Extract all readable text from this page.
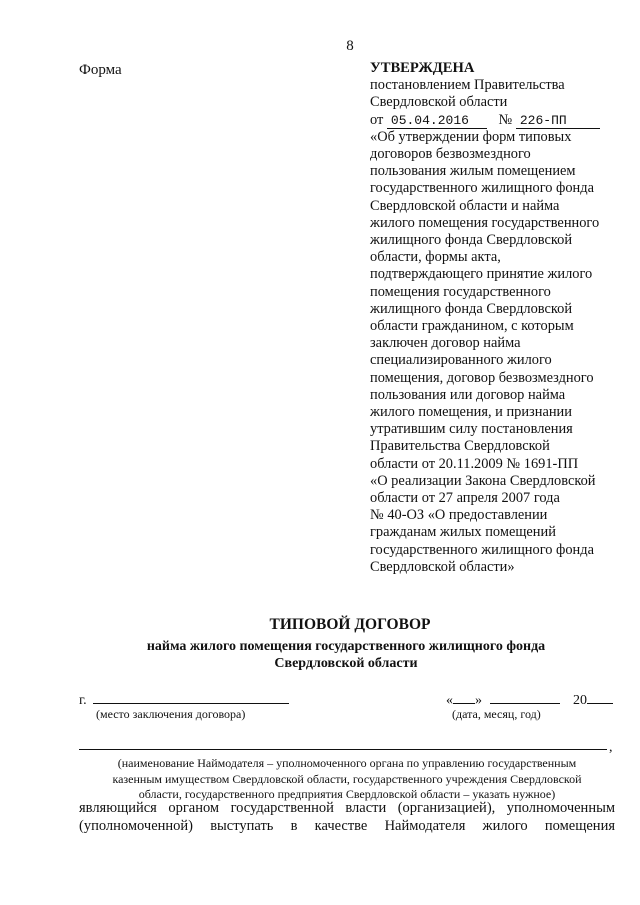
8
Форма	УТВЕРЖДЕНА
постановлением Правительства
Свердловской области
от 05.04.2016 № 226-ПП
«Об утверждении форм типовых
договоров безвозмездного
пользования жилым помещением
государственного жилищного фонда
Свердловской области и найма
жилого помещения государственного
жилищного фонда Свердловской
области, формы акта,
подтверждающего принятие жилого
помещения государственного
жилищного фонда Свердловской
области гражданином, с которым
заключен договор найма
специализированного жилого
помещения, договор безвозмездного
пользования или договор найма
жилого помещения, и признании
утратившим силу постановления
Правительства Свердловской
области от 20.11.2009 № 1691-ПП
«О реализации Закона Свердловской
области от 27 апреля 2007 года
№ 40-ОЗ «О предоставлении
гражданам жилых помещений
государственного жилищного фонда
Свердловской области»
ТИПОВОЙ ДОГОВОР
найма жилого помещения государственного жилищного фонда
Свердловской области
г.
(место заключения договора)
« »	20
(дата, месяц, год)
,
(наименование Наймодателя – уполномоченного органа по управлению государственным
казенным имуществом Свердловской области, государственного учреждения Свердловской
области, государственного предприятия Свердловской области – указать нужное)
являющийся органом государственной власти (организацией), уполномоченным
(уполномоченной) выступать в качестве Наймодателя жилого помещения
